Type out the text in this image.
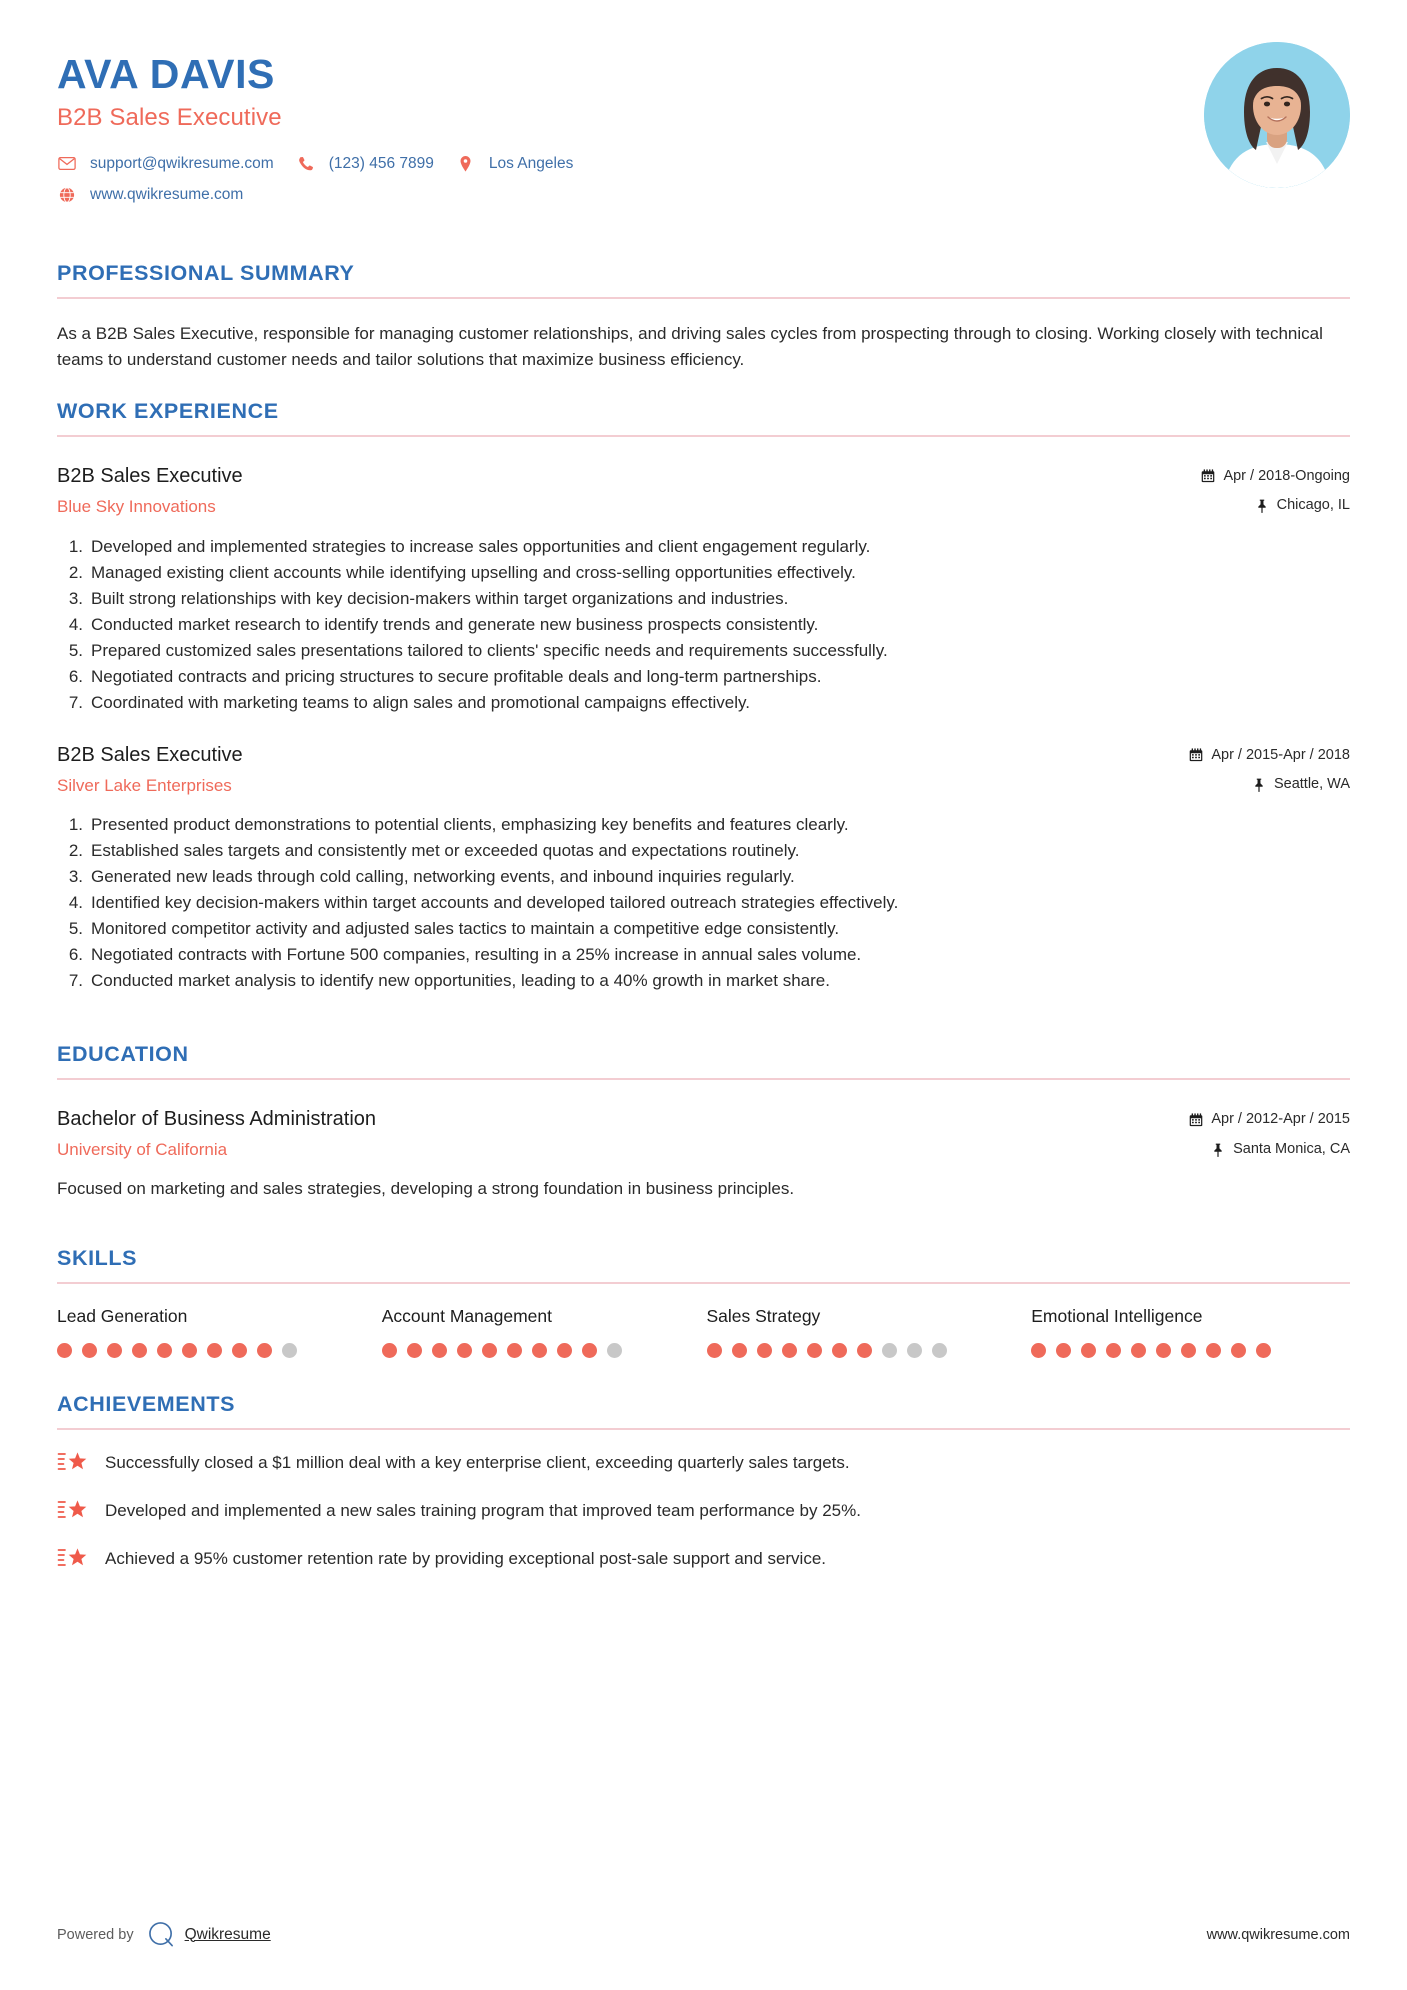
AVA DAVIS
B2B Sales Executive
support@qwikresume.com	(123) 456 7899	Los Angeles
www.qwikresume.com
PROFESSIONAL SUMMARY
As a B2B Sales Executive, responsible for managing customer relationships, and driving sales cycles from prospecting through to closing. Working closely with technical teams to understand customer needs and tailor solutions that maximize business efficiency.
WORK EXPERIENCE
B2B Sales Executive
Blue Sky Innovations
Apr / 2018-Ongoing
Chicago, IL
1. Developed and implemented strategies to increase sales opportunities and client engagement regularly.
2. Managed existing client accounts while identifying upselling and cross-selling opportunities effectively.
3. Built strong relationships with key decision-makers within target organizations and industries.
4. Conducted market research to identify trends and generate new business prospects consistently.
5. Prepared customized sales presentations tailored to clients' specific needs and requirements successfully.
6. Negotiated contracts and pricing structures to secure profitable deals and long-term partnerships.
7. Coordinated with marketing teams to align sales and promotional campaigns effectively.
B2B Sales Executive
Silver Lake Enterprises
Apr / 2015-Apr / 2018
Seattle, WA
1. Presented product demonstrations to potential clients, emphasizing key benefits and features clearly.
2. Established sales targets and consistently met or exceeded quotas and expectations routinely.
3. Generated new leads through cold calling, networking events, and inbound inquiries regularly.
4. Identified key decision-makers within target accounts and developed tailored outreach strategies effectively.
5. Monitored competitor activity and adjusted sales tactics to maintain a competitive edge consistently.
6. Negotiated contracts with Fortune 500 companies, resulting in a 25% increase in annual sales volume.
7. Conducted market analysis to identify new opportunities, leading to a 40% growth in market share.
EDUCATION
Bachelor of Business Administration
University of California
Apr / 2012-Apr / 2015
Santa Monica, CA
Focused on marketing and sales strategies, developing a strong foundation in business principles.
SKILLS
Lead Generation	Account Management	Sales Strategy	Emotional Intelligence
ACHIEVEMENTS
Successfully closed a $1 million deal with a key enterprise client, exceeding quarterly sales targets.
Developed and implemented a new sales training program that improved team performance by 25%.
Achieved a 95% customer retention rate by providing exceptional post-sale support and service.
Powered by	Qwikresume	www.qwikresume.com
